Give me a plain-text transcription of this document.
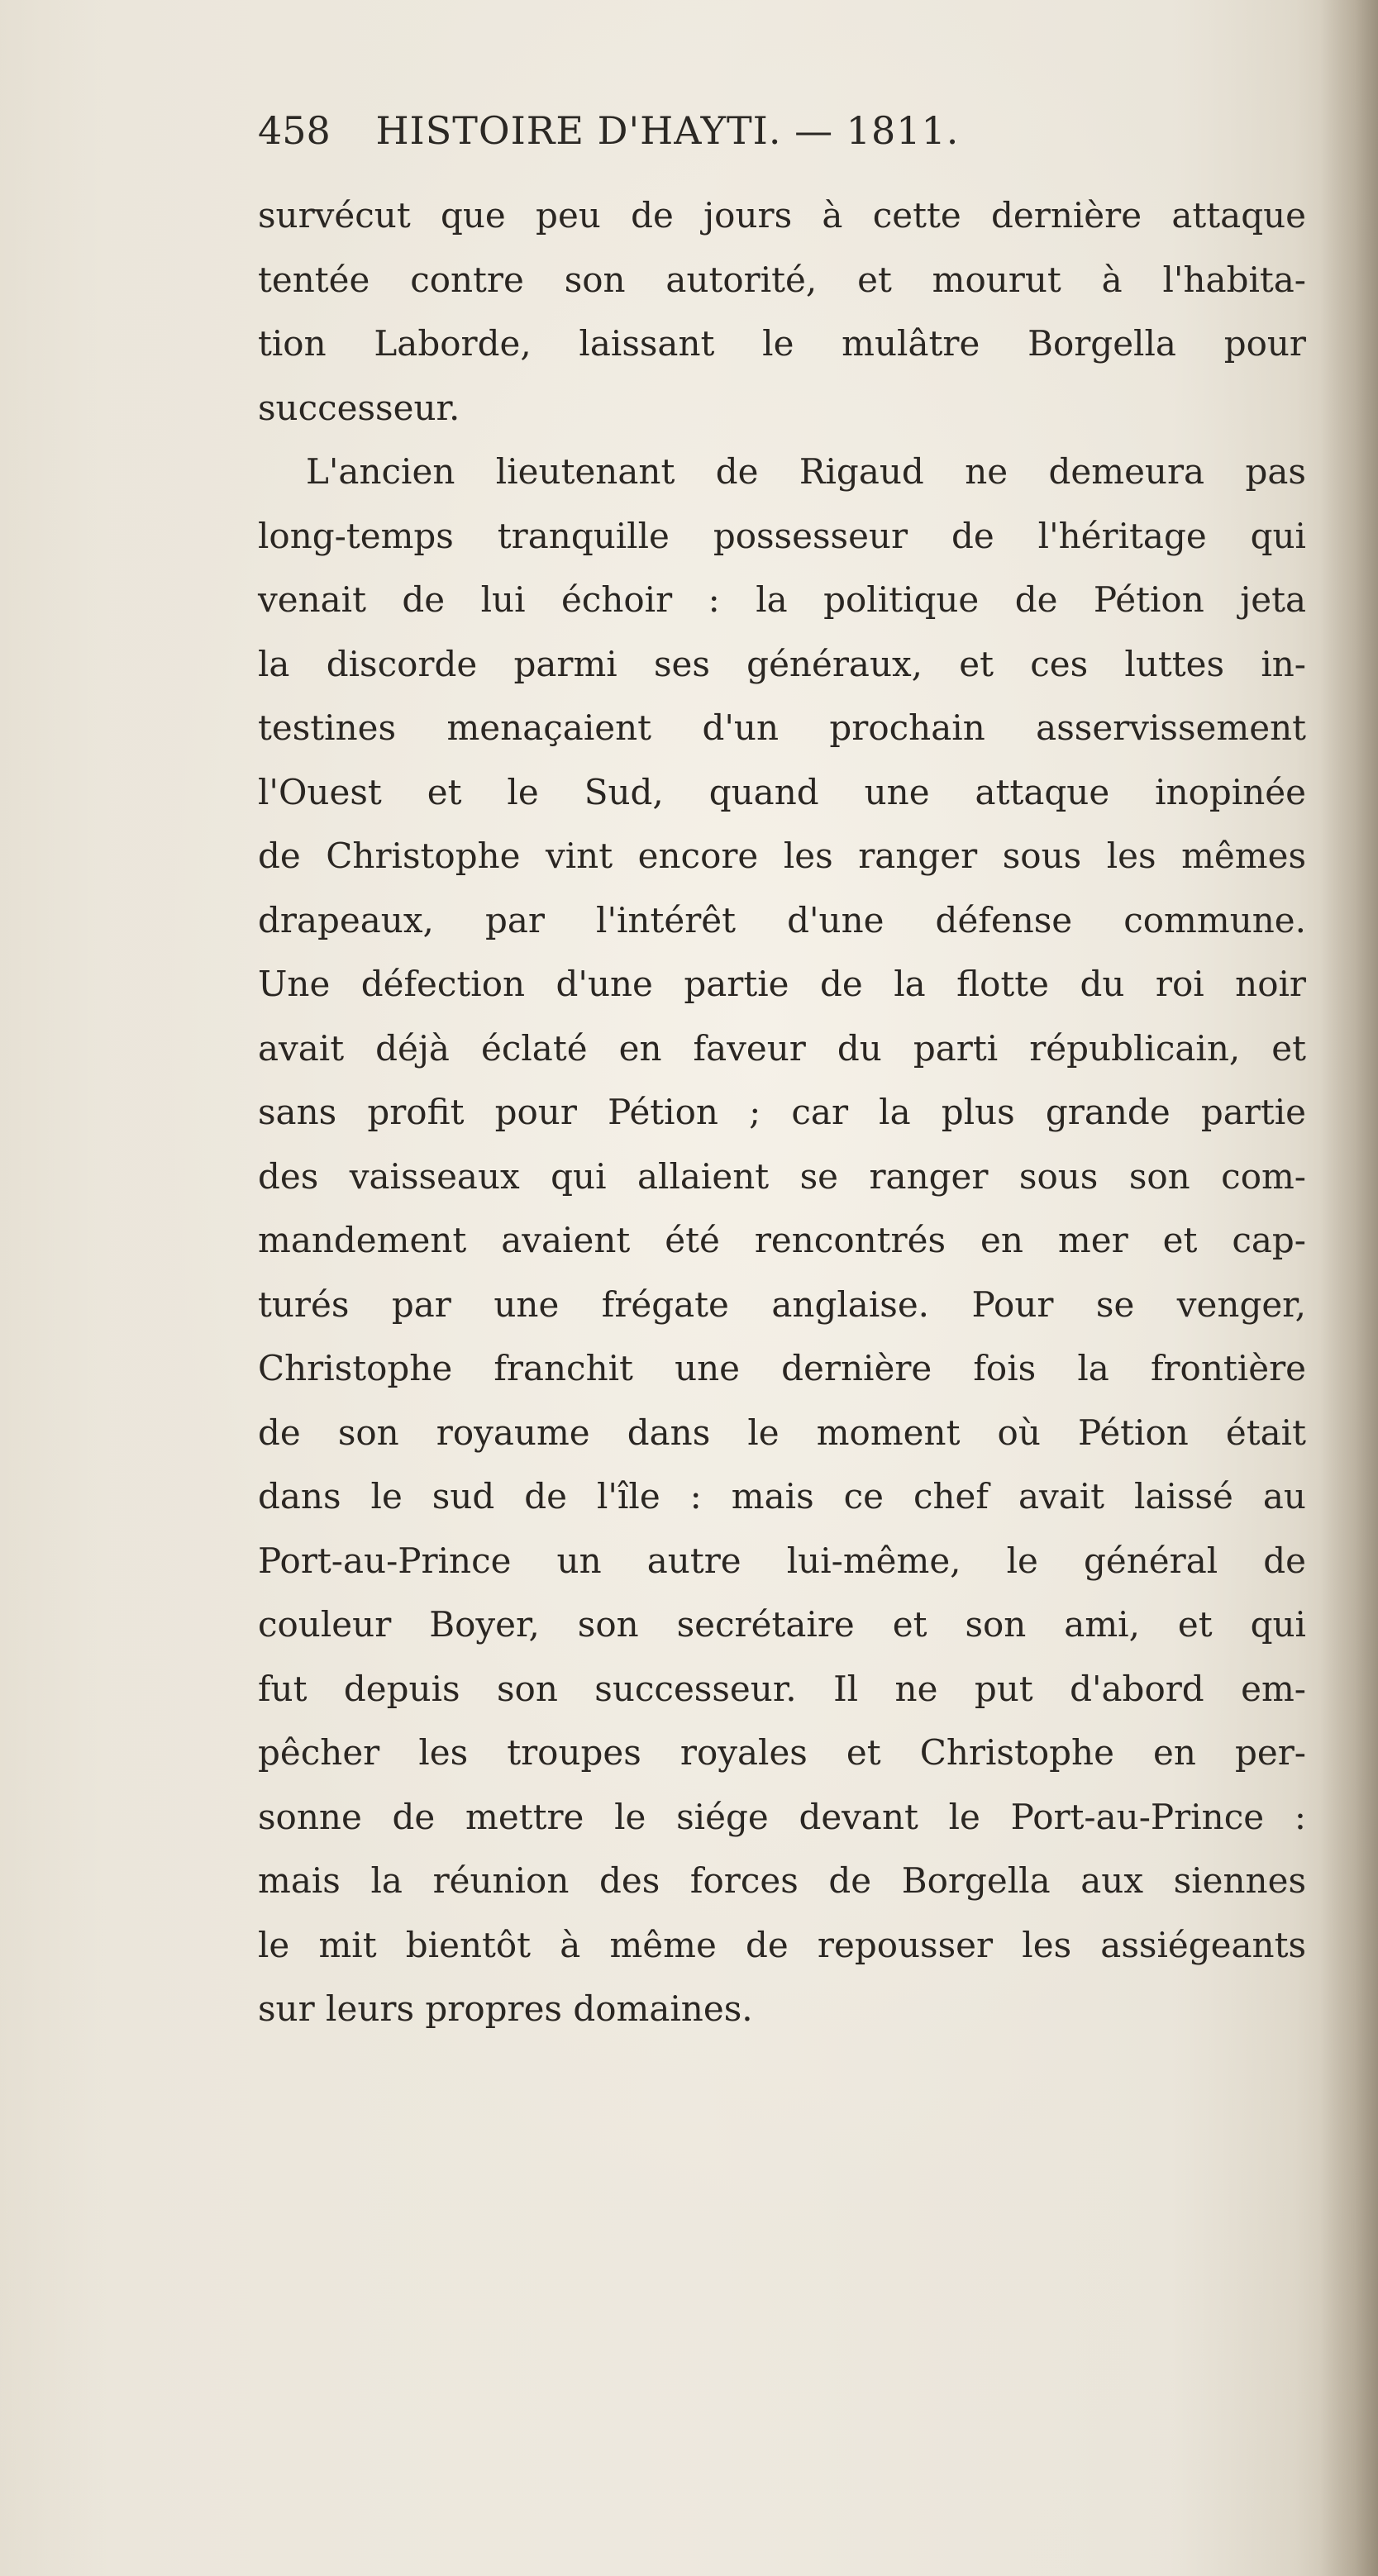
458 HISTOIRE D'HAYTI. — 1811.
survécut que peu de jours à cette dernière attaque
tentée contre son autorité, et mourut à l'habita-
tion Laborde, laissant le mulâtre Borgella pour
successeur.
L'ancien lieutenant de Rigaud ne demeura pas
long-temps tranquille possesseur de l'héritage qui
venait de lui échoir : la politique de Pétion jeta
la discorde parmi ses généraux, et ces luttes in-
testines menaçaient d'un prochain asservissement
l'Ouest et le Sud, quand une attaque inopinée
de Christophe vint encore les ranger sous les mêmes
drapeaux, par l'intérêt d'une défense commune.
Une défection d'une partie de la flotte du roi noir
avait déjà éclaté en faveur du parti républicain, et
sans profit pour Pétion ; car la plus grande partie
des vaisseaux qui allaient se ranger sous son com-
mandement avaient été rencontrés en mer et cap-
turés par une frégate anglaise. Pour se venger,
Christophe franchit une dernière fois la frontière
de son royaume dans le moment où Pétion était
dans le sud de l'île : mais ce chef avait laissé au
Port-au-Prince un autre lui-même, le général de
couleur Boyer, son secrétaire et son ami, et qui
fut depuis son successeur. Il ne put d'abord em-
pêcher les troupes royales et Christophe en per-
sonne de mettre le siége devant le Port-au-Prince :
mais la réunion des forces de Borgella aux siennes
le mit bientôt à même de repousser les assiégeants
sur leurs propres domaines.
